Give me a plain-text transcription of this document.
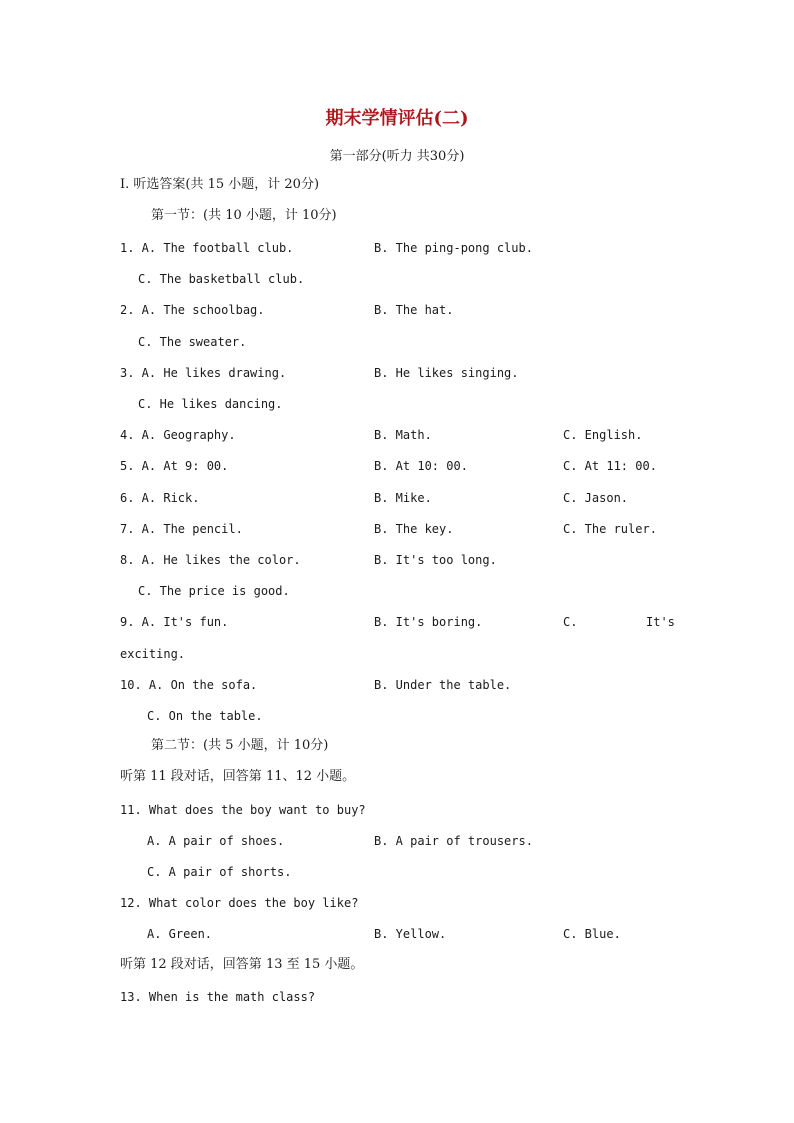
期末学情评估(二)
第一部分(听力 共30分)
Ⅰ. 听选答案(共 15 小题，计 20分)
第一节：(共 10 小题，计 10分)
1. A. The football club.	B. The ping-pong club.
C. The basketball club.
2. A. The schoolbag.	B. The hat.
C. The sweater.
3. A. He likes drawing.	B. He likes singing.
C. He likes dancing.
4. A. Geography.	B. Math.	C. English.
5. A. At 9: 00.	B. At 10: 00.	C. At 11: 00.
6. A. Rick.	B. Mike.	C. Jason.
7. A. The pencil.	B. The key.	C. The ruler.
8. A. He likes the color.	B. It's too long.
C. The price is good.
9. A. It's fun.	B. It's boring.	C.	It's
exciting.
10. A. On the sofa.	B. Under the table.
C. On the table.
第二节：(共 5 小题，计 10分)
听第 11 段对话，回答第 11、12 小题。
11. What does the boy want to buy?
A. A pair of shoes.	B. A pair of trousers.
C. A pair of shorts.
12. What color does the boy like?
A. Green.	B. Yellow.	C. Blue.
听第 12 段对话，回答第 13 至 15 小题。
13. When is the math class?
